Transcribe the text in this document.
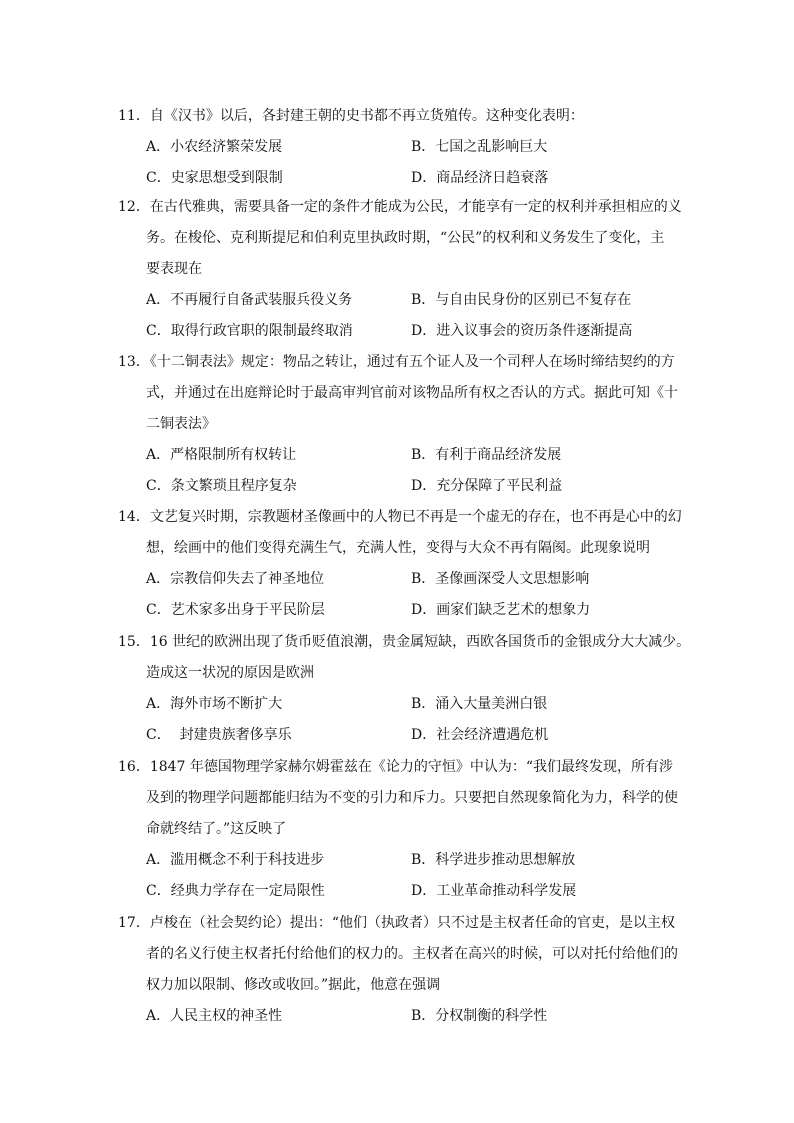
11．自《汉书》以后，各封建王朝的史书都不再立货殖传。这种变化表明：
A．小农经济繁荣发展	B．七国之乱影响巨大
C．史家思想受到限制	D．商品经济日趋衰落
12．在古代雅典，需要具备一定的条件才能成为公民，才能享有一定的权利并承担相应的义
务。在梭伦、克利斯提尼和伯利克里执政时期，“公民”的权利和义务发生了变化，主
要表现在
A．不再履行自备武装服兵役义务	B．与自由民身份的区别已不复存在
C．取得行政官职的限制最终取消	D．进入议事会的资历条件逐渐提高
13．《十二铜表法》规定：物品之转让，通过有五个证人及一个司秤人在场时缔结契约的方
式，并通过在出庭辩论时于最高审判官前对该物品所有权之否认的方式。据此可知《十
二铜表法》
A．严格限制所有权转让	B．有利于商品经济发展
C．条文繁琐且程序复杂	D．充分保障了平民利益
14．文艺复兴时期，宗教题材圣像画中的人物已不再是一个虚无的存在，也不再是心中的幻
想，绘画中的他们变得充满生气，充满人性，变得与大众不再有隔阂。此现象说明
A．宗教信仰失去了神圣地位	B．圣像画深受人文思想影响
C．艺术家多出身于平民阶层	D．画家们缺乏艺术的想象力
15．16 世纪的欧洲出现了货币贬值浪潮，贵金属短缺，西欧各国货币的金银成分大大减少。
造成这一状况的原因是欧洲
A．海外市场不断扩大	B．涌入大量美洲白银
C．  封建贵族奢侈享乐	D．社会经济遭遇危机
16．1847 年德国物理学家赫尔姆霍兹在《论力的守恒》中认为：“我们最终发现，所有涉
及到的物理学问题都能归结为不变的引力和斥力。只要把自然现象简化为力，科学的使
命就终结了。”这反映了
A．滥用概念不利于科技进步	B．科学进步推动思想解放
C．经典力学存在一定局限性	D．工业革命推动科学发展
17．卢梭在（社会契约论）提出：“他们（执政者）只不过是主权者任命的官吏，是以主权
者的名义行使主权者托付给他们的权力的。主权者在高兴的时候，可以对托付给他们的
权力加以限制、修改或收回。”据此，他意在强调
A．人民主权的神圣性	B．分权制衡的科学性
